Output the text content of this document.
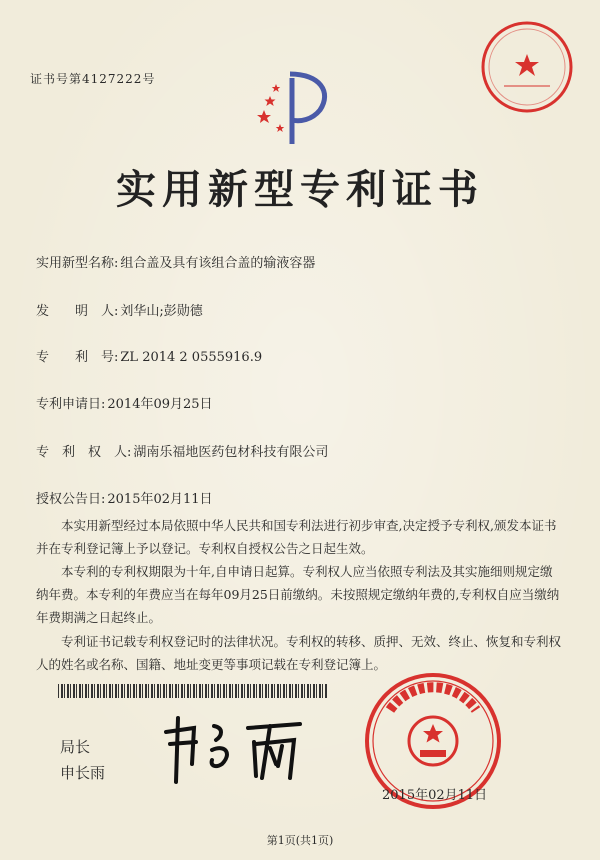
证书号第4127222号
实用新型专利证书
实用新型名称: 组合盖及具有该组合盖的输液容器
发　　明　人: 刘华山;彭勋德
专　　利　号: ZL 2014 2 0555916.9
专利申请日: 2014年09月25日
专　利　权　人: 湖南乐福地医药包材科技有限公司
授权公告日: 2015年02月11日
本实用新型经过本局依照中华人民共和国专利法进行初步审查,决定授予专利权,颁发本证书并在专利登记簿上予以登记。专利权自授权公告之日起生效。
本专利的专利权期限为十年,自申请日起算。专利权人应当依照专利法及其实施细则规定缴纳年费。本专利的年费应当在每年09月25日前缴纳。未按照规定缴纳年费的,专利权自应当缴纳年费期满之日起终止。
专利证书记载专利权登记时的法律状况。专利权的转移、质押、无效、终止、恢复和专利权人的姓名或名称、国籍、地址变更等事项记载在专利登记簿上。
局长
申长雨
2015年02月11日
第1页(共1页)
